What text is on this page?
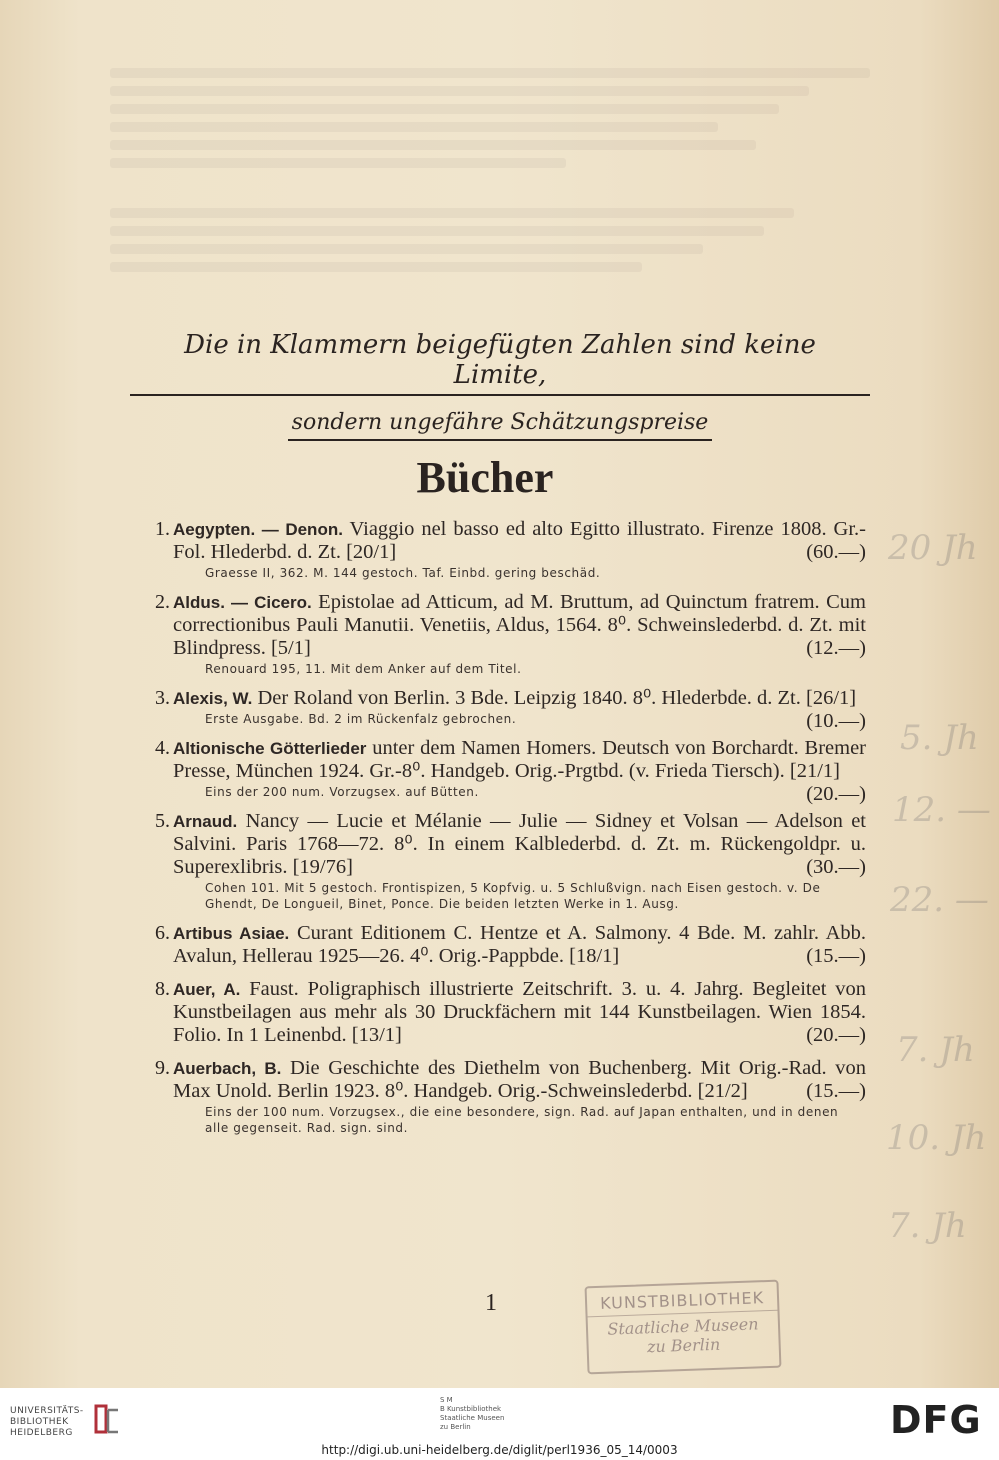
Die in Klammern beigefügten Zahlen sind keine Limite,
sondern ungefähre Schätzungspreise
Bücher
1. Aegypten. — Denon. Viaggio nel basso ed alto Egitto illustrato. Firenze 1808. Gr.-Fol. Hlederbd. d. Zt. [20/1]	(60.—)
Graesse II, 362. M. 144 gestoch. Taf. Einbd. gering beschäd.
2. Aldus. — Cicero. Epistolae ad Atticum, ad M. Bruttum, ad Quinctum fratrem. Cum correctionibus Pauli Manutii. Venetiis, Aldus, 1564. 8⁰. Schweinslederbd. d. Zt. mit Blindpress. [5/1]	(12.—)
Renouard 195, 11. Mit dem Anker auf dem Titel.
3. Alexis, W. Der Roland von Berlin. 3 Bde. Leipzig 1840. 8⁰. Hlederbde. d. Zt. [26/1]
(10.—)
Erste Ausgabe. Bd. 2 im Rückenfalz gebrochen.
4. Altionische Götterlieder unter dem Namen Homers. Deutsch von Borchardt. Bremer Presse, München 1924. Gr.-8⁰. Handgeb. Orig.-Prgtbd. (v. Frieda Tiersch). [21/1]
(20.—)
Eins der 200 num. Vorzugsex. auf Bütten.
5. Arnaud. Nancy — Lucie et Mélanie — Julie — Sidney et Volsan — Adelson et Salvini. Paris 1768—72. 8⁰. In einem Kalblederbd. d. Zt. m. Rückengoldpr. u. Superexlibris. [19/76]	(30.—)
Cohen 101. Mit 5 gestoch. Frontispizen, 5 Kopfvig. u. 5 Schlußvign. nach Eisen gestoch. v. De Ghendt, De Longueil, Binet, Ponce. Die beiden letzten Werke in 1. Ausg.
6. Artibus Asiae. Curant Editionem C. Hentze et A. Salmony. 4 Bde. M. zahlr. Abb. Avalun, Hellerau 1925—26. 4⁰. Orig.-Pappbde. [18/1]	(15.—)
8. Auer, A. Faust. Poligraphisch illustrierte Zeitschrift. 3. u. 4. Jahrg. Begleitet von Kunstbeilagen aus mehr als 30 Druckfächern mit 144 Kunstbeilagen. Wien 1854. Folio. In 1 Leinenbd. [13/1]	(20.—)
9. Auerbach, B. Die Geschichte des Diethelm von Buchenberg. Mit Orig.-Rad. von Max Unold. Berlin 1923. 8⁰. Handgeb. Orig.-Schweinslederbd. [21/2]	(15.—)
Eins der 100 num. Vorzugsex., die eine besondere, sign. Rad. auf Japan enthalten, und in denen alle gegenseit. Rad. sign. sind.
20 Jh
5. Jh
12. —
22. —
7. Jh
10. Jh
7. Jh
1	KUNSTBIBLIOTHEK
Staatliche Museen
zu Berlin
UNIVERSITÄTS-
BIBLIOTHEK
HEIDELBERG
S M
B Kunstbibliothek
Staatliche Museen
zu Berlin	DFG
http://digi.ub.uni-heidelberg.de/diglit/perl1936_05_14/0003
